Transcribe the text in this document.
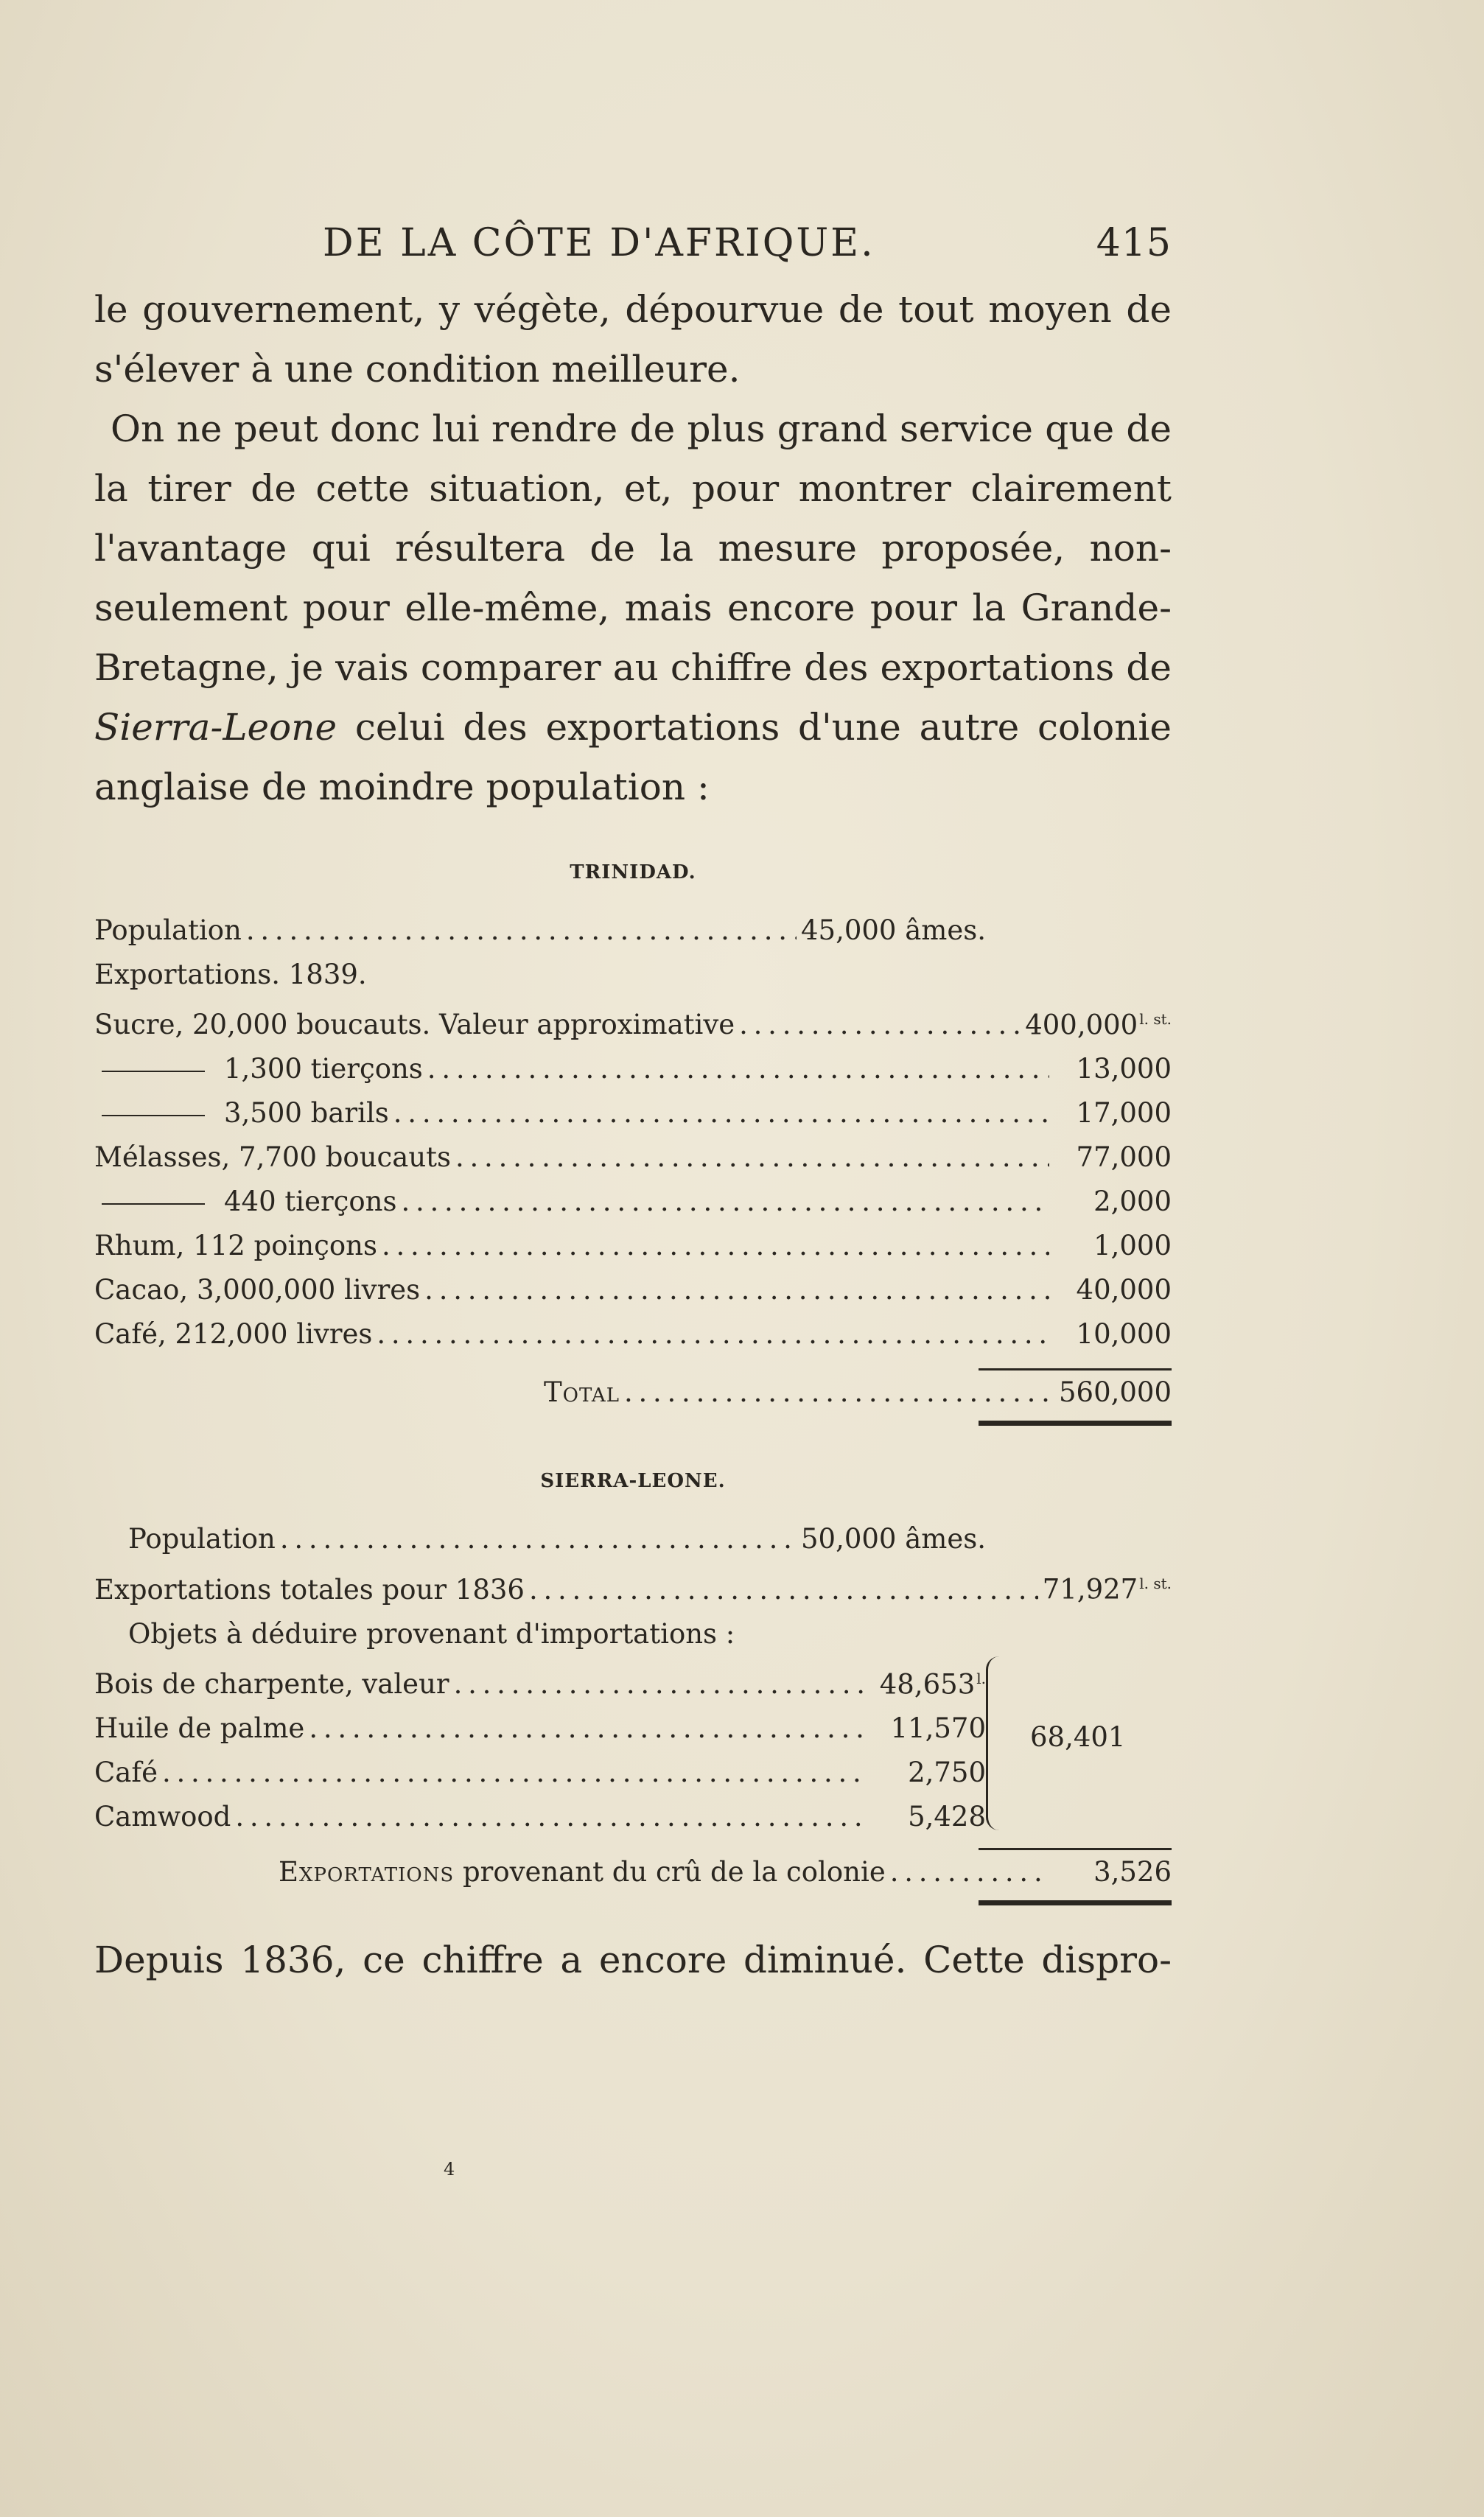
DE LA CÔTE D'AFRIQUE.	415

le gouvernement, y végète, dépourvue de tout moyen de s'élever à une condition meilleure.

On ne peut donc lui rendre de plus grand service que de la tirer de cette situation, et, pour montrer clairement l'avantage qui résultera de la mesure proposée, non-seulement pour elle-même, mais encore pour la Grande-Bretagne, je vais comparer au chiffre des exportations de Sierra-Leone celui des exportations d'une autre colonie anglaise de moindre population :

TRINIDAD.
Population . . .	45,000 âmes.
Exportations. 1839.
Sucre, 20,000 boucauts. Valeur approximative . . .	400,000 $^{l. st.}$
1,300 tierçons . . .	13,000
3,500 barils . . .	17,000
Mélasses, 7,700 boucauts . . .	77,000
440 tierçons . . .	2,000
Rhum, 112 poinçons . . .	1,000
Cacao, 3,000,000 livres . . .	40,000
Café, 212,000 livres . . .	10,000
Total . . .	560,000
SIERRA-LEONE.
Population . . .	50,000 âmes.
Exportations totales pour 1836 . . .	71,927 $^{l. st.}$
Objets à déduire provenant d'importations :
Bois de charpente, valeur . . .	48,653 $^{l.}$
Huile de palme . . .	11,570
Café . . .	2,750
Camwood . . .	5,428
68,401
Exportations provenant du crû de la colonie . . .	3,526
Depuis 1836, ce chiffre a encore diminué. Cette dispro-
4
